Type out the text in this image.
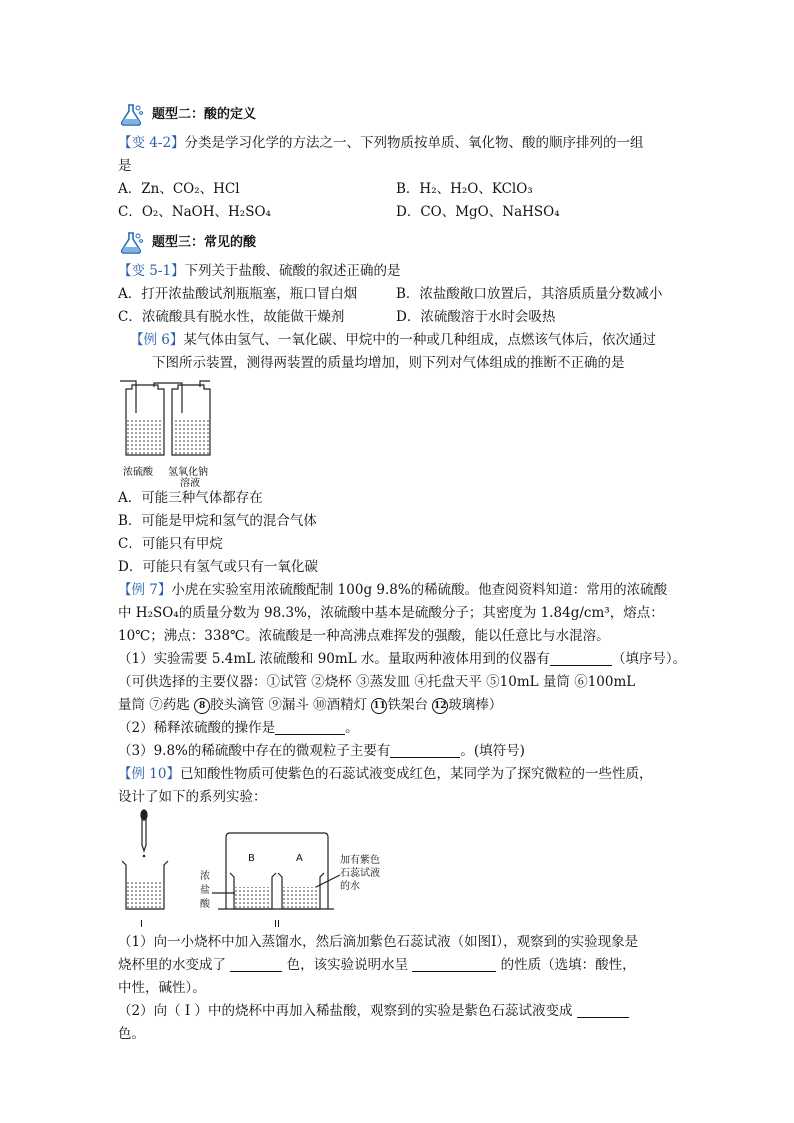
题型二：酸的定义
【变 4-2】分类是学习化学的方法之一、下列物质按单质、氧化物、酸的顺序排列的一组
是
A．Zn、CO₂、HCl	B．H₂、H₂O、KClO₃
C．O₂、NaOH、H₂SO₄	D．CO、MgO、NaHSO₄
题型三：常见的酸
【变 5-1】下列关于盐酸、硫酸的叙述正确的是
A．打开浓盐酸试剂瓶瓶塞，瓶口冒白烟	B．浓盐酸敞口放置后，其溶质质量分数减小
C．浓硫酸具有脱水性，故能做干燥剂	D．浓硫酸溶于水时会吸热
【例 6】某气体由氢气、一氧化碳、甲烷中的一种或几种组成，点燃该气体后，依次通过
下图所示装置，测得两装置的质量均增加，则下列对气体组成的推断不正确的是
浓硫酸 氢氧化钠
溶液
A．可能三种气体都存在
B．可能是甲烷和氢气的混合气体
C．可能只有甲烷
D．可能只有氢气或只有一氧化碳
【例 7】小虎在实验室用浓硫酸配制 100g 9.8%的稀硫酸。他查阅资料知道：常用的浓硫酸
中 H₂SO₄的质量分数为 98.3%，浓硫酸中基本是硫酸分子；其密度为 1.84g/cm³，熔点：
10℃；沸点：338℃。浓硫酸是一种高沸点难挥发的强酸，能以任意比与水混溶。
（1）实验需要 5.4mL 浓硫酸和 90mL 水。量取两种液体用到的仪器有	（填序号）。
（可供选择的主要仪器：①试管 ②烧杯 ③蒸发皿 ④托盘天平 ⑤10mL 量筒 ⑥100mL
量筒 ⑦药匙 8 胶头滴管 ⑨漏斗 ⑩酒精灯 11 铁架台 12 玻璃棒）
（2）稀释浓硫酸的操作是	。
（3）9.8%的稀硫酸中存在的微观粒子主要有	。(填符号)
【例 10】已知酸性物质可使紫色的石蕊试液变成红色，某同学为了探究微粒的一些性质，
设计了如下的系列实验：
I	II
B	A
浓
盐
酸
加有紫色
石蕊试液
的水
（1）向一小烧杯中加入蒸馏水，然后滴加紫色石蕊试液（如图Ⅰ），观察到的实验现象是
烧杯里的水变成了	色，该实验说明水呈	的性质（选填：酸性，
中性，碱性）。
（2）向（ I ）中的烧杯中再加入稀盐酸，观察到的实验是紫色石蕊试液变成
色。
